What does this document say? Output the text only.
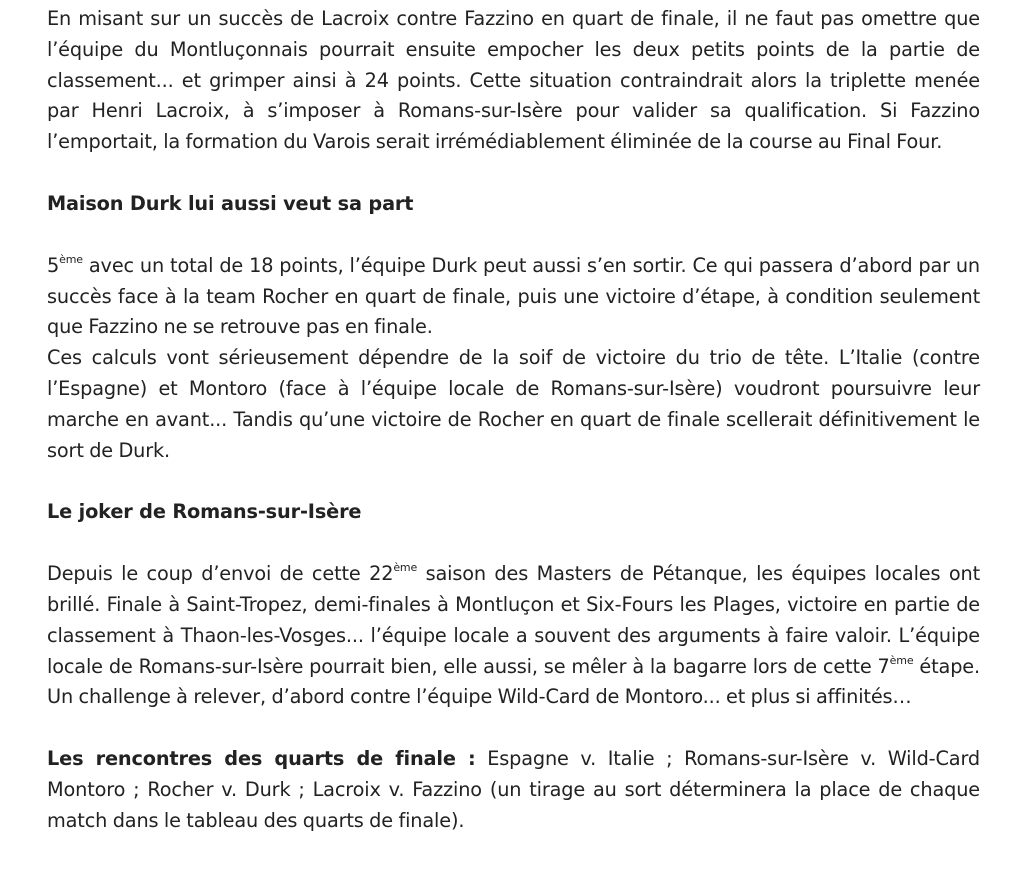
En misant sur un succès de Lacroix contre Fazzino en quart de finale, il ne faut pas omettre que l’équipe du Montluçonnais pourrait ensuite empocher les deux petits points de la partie de classement... et grimper ainsi à 24 points. Cette situation contraindrait alors la triplette menée par Henri Lacroix, à s’imposer à Romans-sur-Isère pour valider sa qualification. Si Fazzino l’emportait, la formation du Varois serait irrémédiablement éliminée de la course au Final Four.

Maison Durk lui aussi veut sa part

5ème avec un total de 18 points, l’équipe Durk peut aussi s’en sortir. Ce qui passera d’abord par un succès face à la team Rocher en quart de finale, puis une victoire d’étape, à condition seulement que Fazzino ne se retrouve pas en finale.

Ces calculs vont sérieusement dépendre de la soif de victoire du trio de tête. L’Italie (contre l’Espagne) et Montoro (face à l’équipe locale de Romans-sur-Isère) voudront poursuivre leur marche en avant... Tandis qu’une victoire de Rocher en quart de finale scellerait définitivement le sort de Durk.

Le joker de Romans-sur-Isère

Depuis le coup d’envoi de cette 22ème saison des Masters de Pétanque, les équipes locales ont brillé. Finale à Saint-Tropez, demi-finales à Montluçon et Six-Fours les Plages, victoire en partie de classement à Thaon-les-Vosges... l’équipe locale a souvent des arguments à faire valoir. L’équipe locale de Romans-sur-Isère pourrait bien, elle aussi, se mêler à la bagarre lors de cette 7ème étape. Un challenge à relever, d’abord contre l’équipe Wild-Card de Montoro... et plus si affinités…

Les rencontres des quarts de finale : Espagne v. Italie ; Romans-sur-Isère v. Wild-Card Montoro ; Rocher v. Durk ; Lacroix v. Fazzino (un tirage au sort déterminera la place de chaque match dans le tableau des quarts de finale).
